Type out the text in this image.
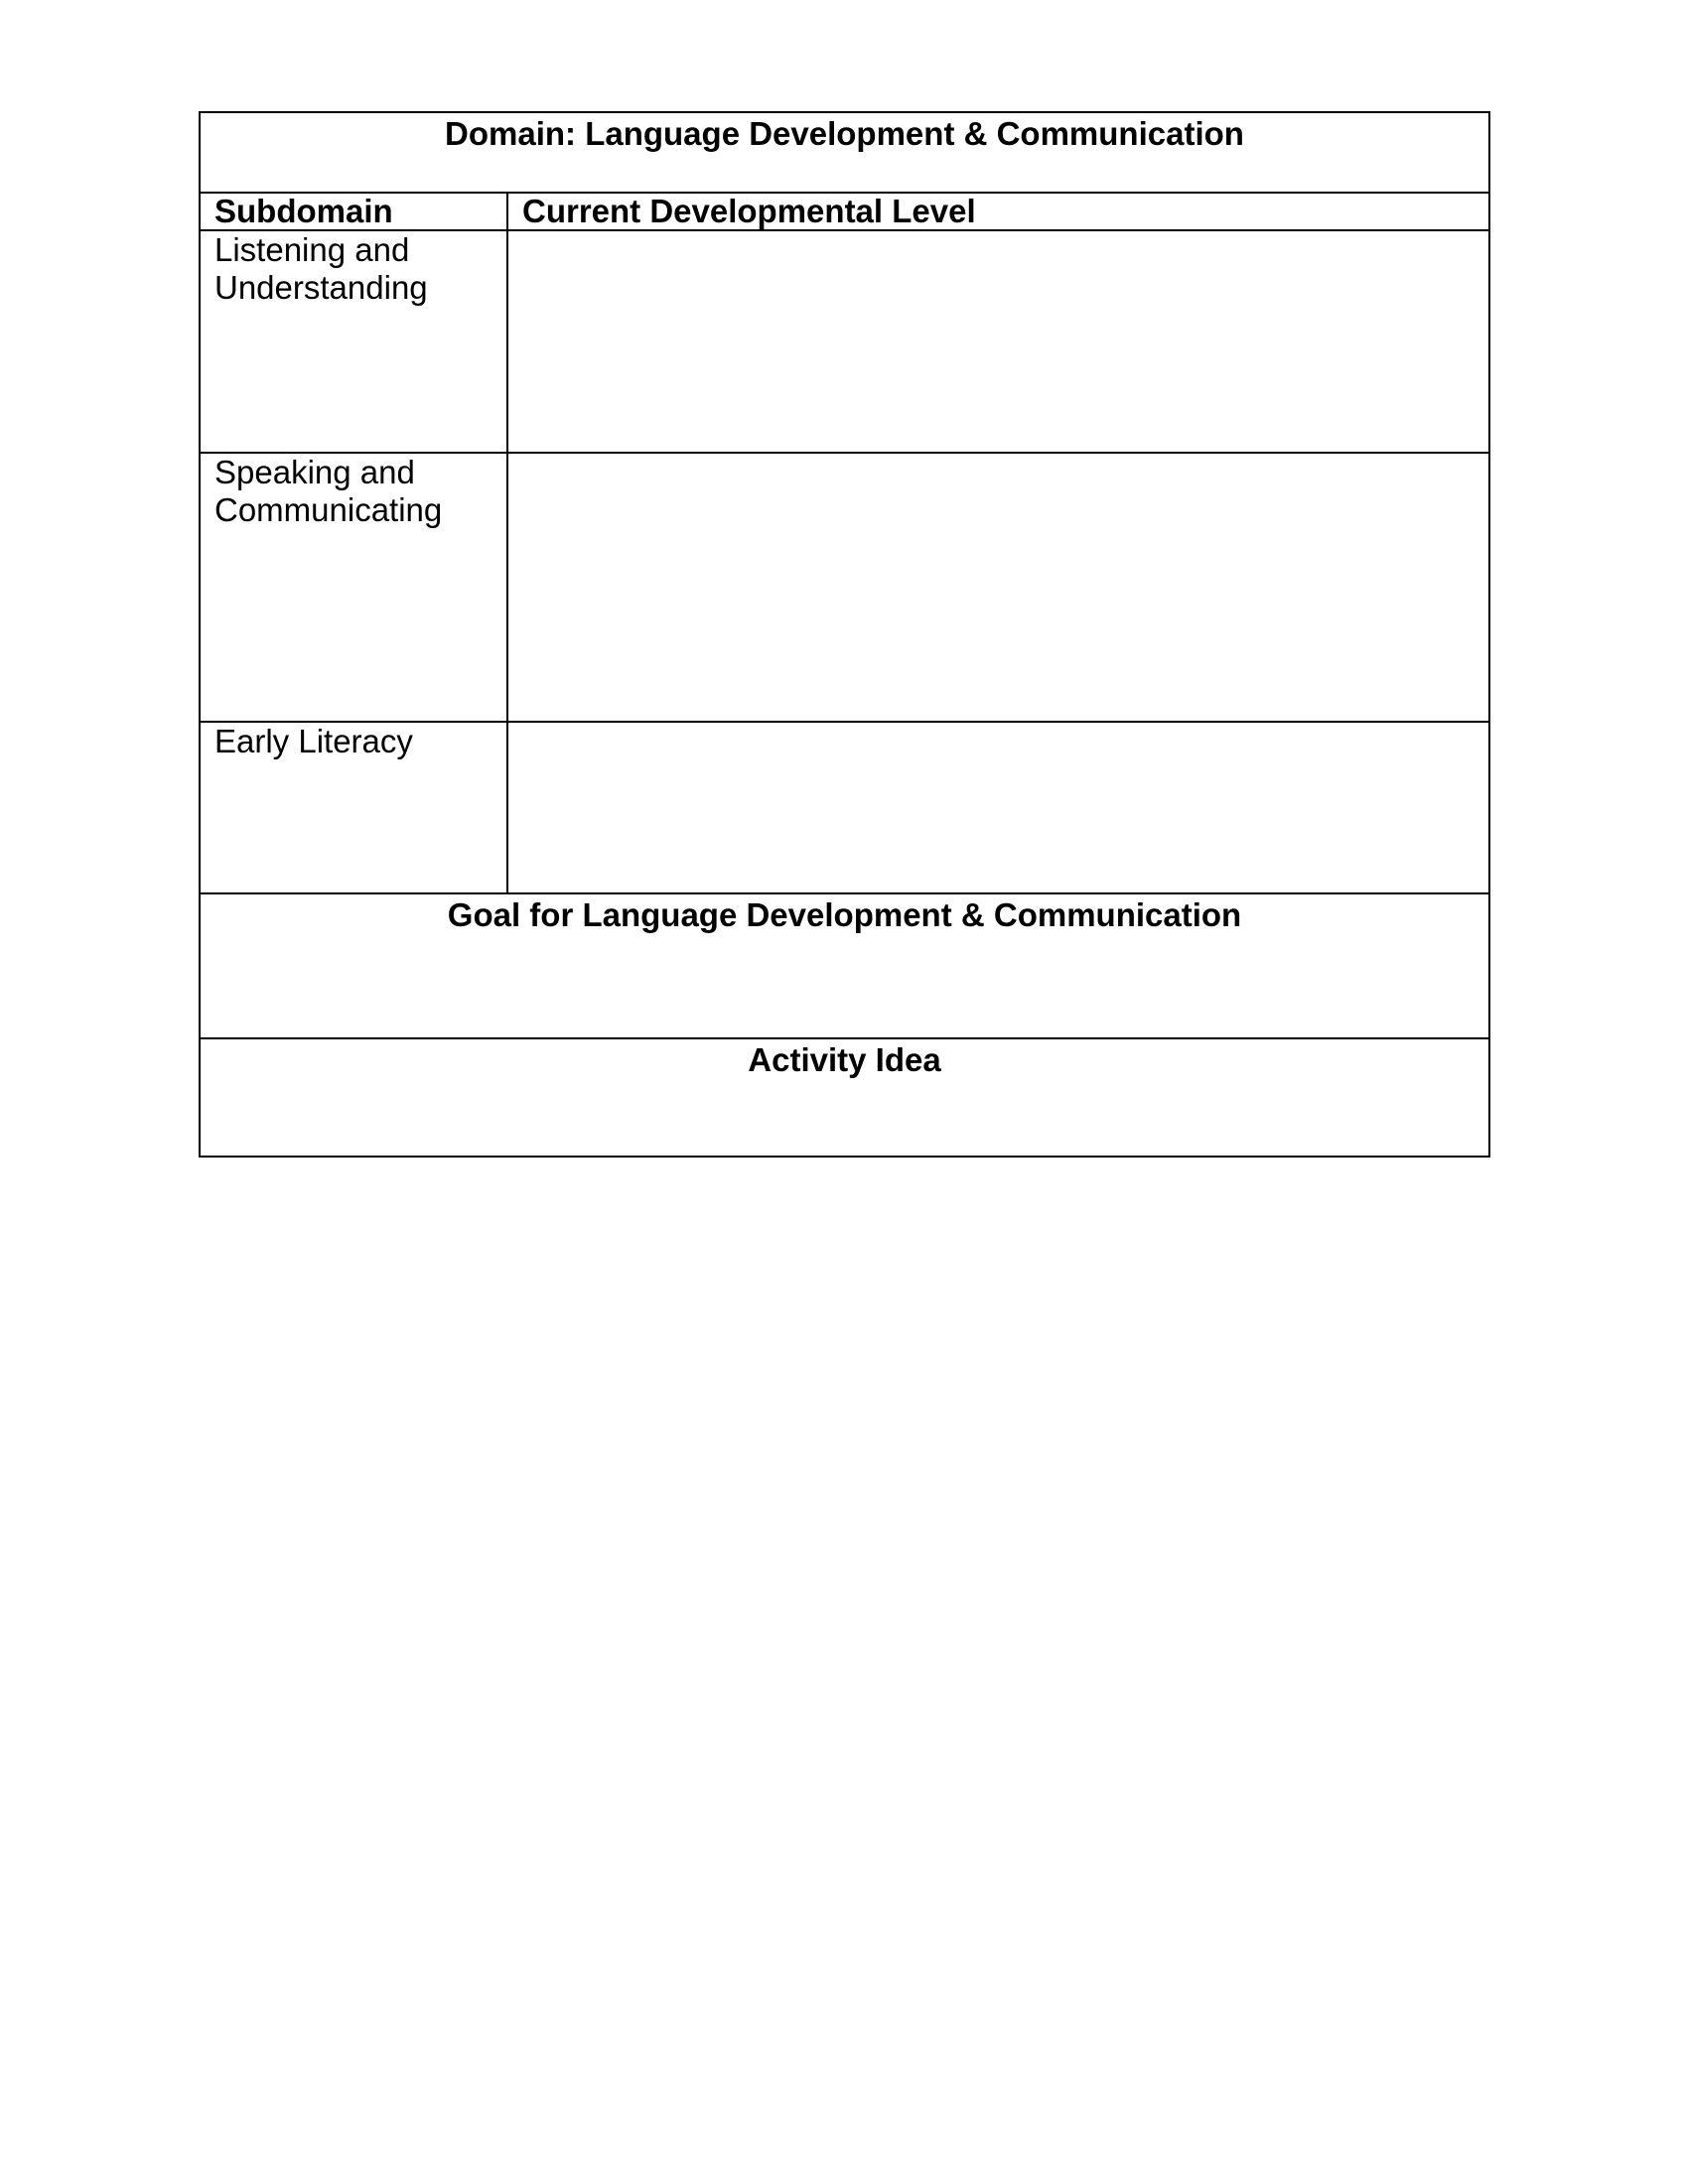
Domain: Language Development & Communication	
Subdomain	Current Developmental Level
Listening and Understanding	
Speaking and Communicating	
Early Literacy	

Goal for Language Development & Communication	

Activity Idea	
